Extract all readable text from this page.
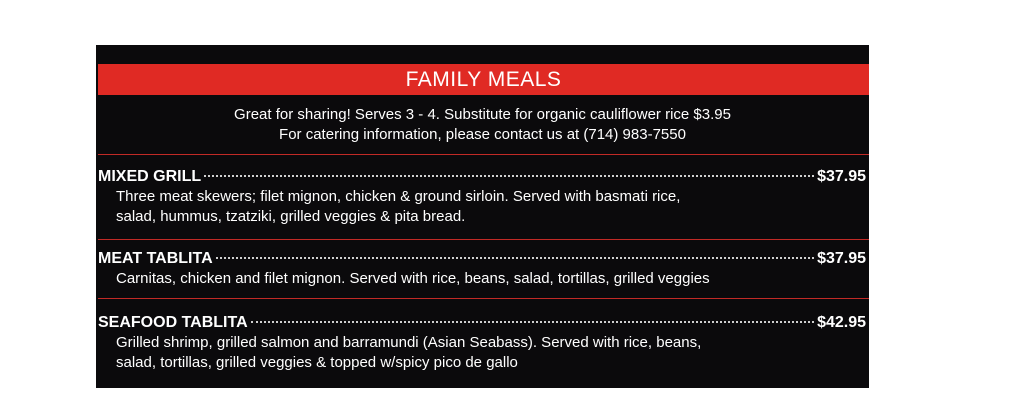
FAMILY MEALS
Great for sharing! Serves 3 - 4. Substitute for organic cauliflower rice $3.95
For catering information, please contact us at (714) 983-7550
MIXED GRILL	$37.95
Three meat skewers; filet mignon, chicken & ground sirloin. Served with basmati rice,
salad, hummus, tzatziki, grilled veggies & pita bread.
MEAT TABLITA	$37.95
Carnitas, chicken and filet mignon. Served with rice, beans, salad, tortillas, grilled veggies
SEAFOOD TABLITA	$42.95
Grilled shrimp, grilled salmon and barramundi (Asian Seabass). Served with rice, beans,
salad, tortillas, grilled veggies & topped w/spicy pico de gallo
